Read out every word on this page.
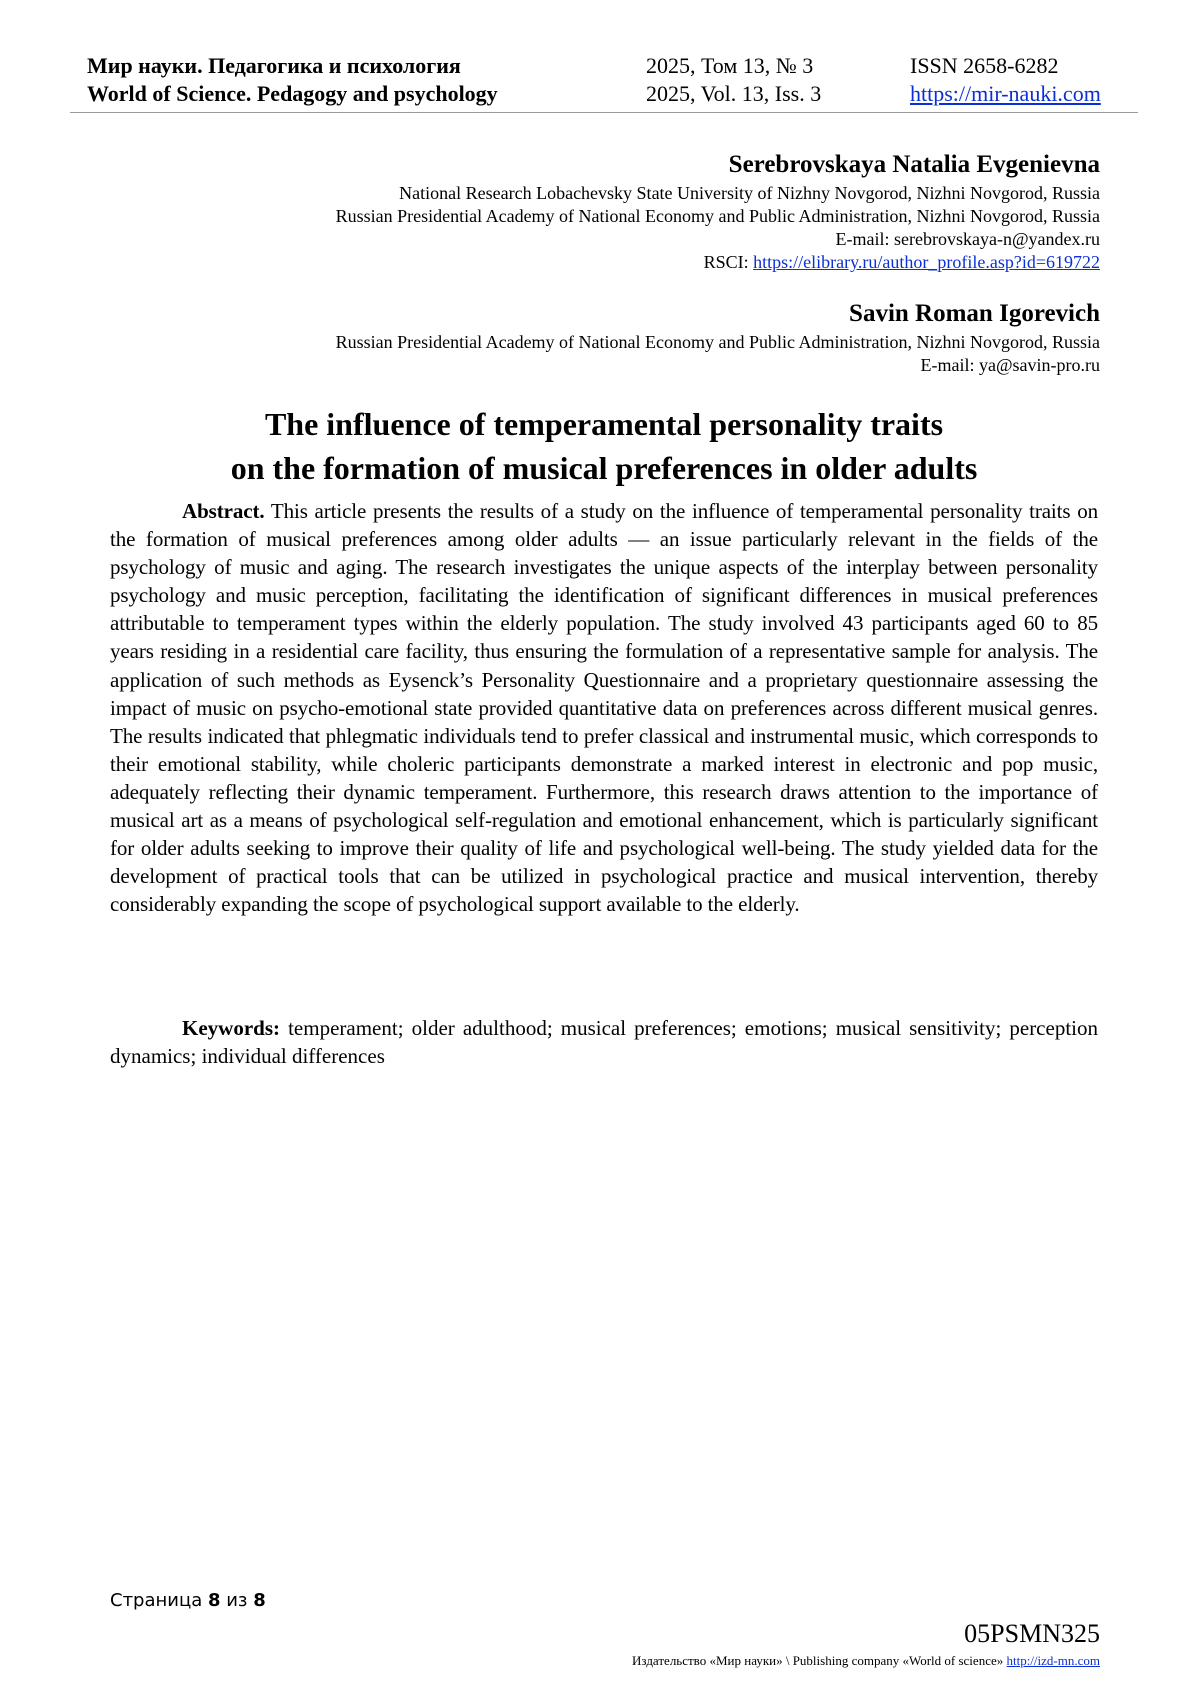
Мир науки. Педагогика и психология
World of Science. Pedagogy and psychology
2025, Том 13, № 3
2025, Vol. 13, Iss. 3
ISSN 2658-6282
https://mir-nauki.com
Serebrovskaya Natalia Evgenievna
National Research Lobachevsky State University of Nizhny Novgorod, Nizhni Novgorod, Russia
Russian Presidential Academy of National Economy and Public Administration, Nizhni Novgorod, Russia
E-mail: serebrovskaya-n@yandex.ru
RSCI: https://elibrary.ru/author_profile.asp?id=619722
Savin Roman Igorevich
Russian Presidential Academy of National Economy and Public Administration, Nizhni Novgorod, Russia
E-mail: ya@savin-pro.ru
The influence of temperamental personality traits
on the formation of musical preferences in older adults
Abstract. This article presents the results of a study on the influence of temperamental personality traits on the formation of musical preferences among older adults — an issue particularly relevant in the fields of the psychology of music and aging. The research investigates the unique aspects of the interplay between personality psychology and music perception, facilitating the identification of significant differences in musical preferences attributable to temperament types within the elderly population. The study involved 43 participants aged 60 to 85 years residing in a residential care facility, thus ensuring the formulation of a representative sample for analysis. The application of such methods as Eysenck’s Personality Questionnaire and a proprietary questionnaire assessing the impact of music on psycho-emotional state provided quantitative data on preferences across different musical genres. The results indicated that phlegmatic individuals tend to prefer classical and instrumental music, which corresponds to their emotional stability, while choleric participants demonstrate a marked interest in electronic and pop music, adequately reflecting their dynamic temperament. Furthermore, this research draws attention to the importance of musical art as a means of psychological self-regulation and emotional enhancement, which is particularly significant for older adults seeking to improve their quality of life and psychological well-being. The study yielded data for the development of practical tools that can be utilized in psychological practice and musical intervention, thereby considerably expanding the scope of psychological support available to the elderly.
Keywords: temperament; older adulthood; musical preferences; emotions; musical sensitivity; perception dynamics; individual differences
Страница 8 из 8
05PSMN325
Издательство «Мир науки» \ Publishing company «World of science» http://izd-mn.com
